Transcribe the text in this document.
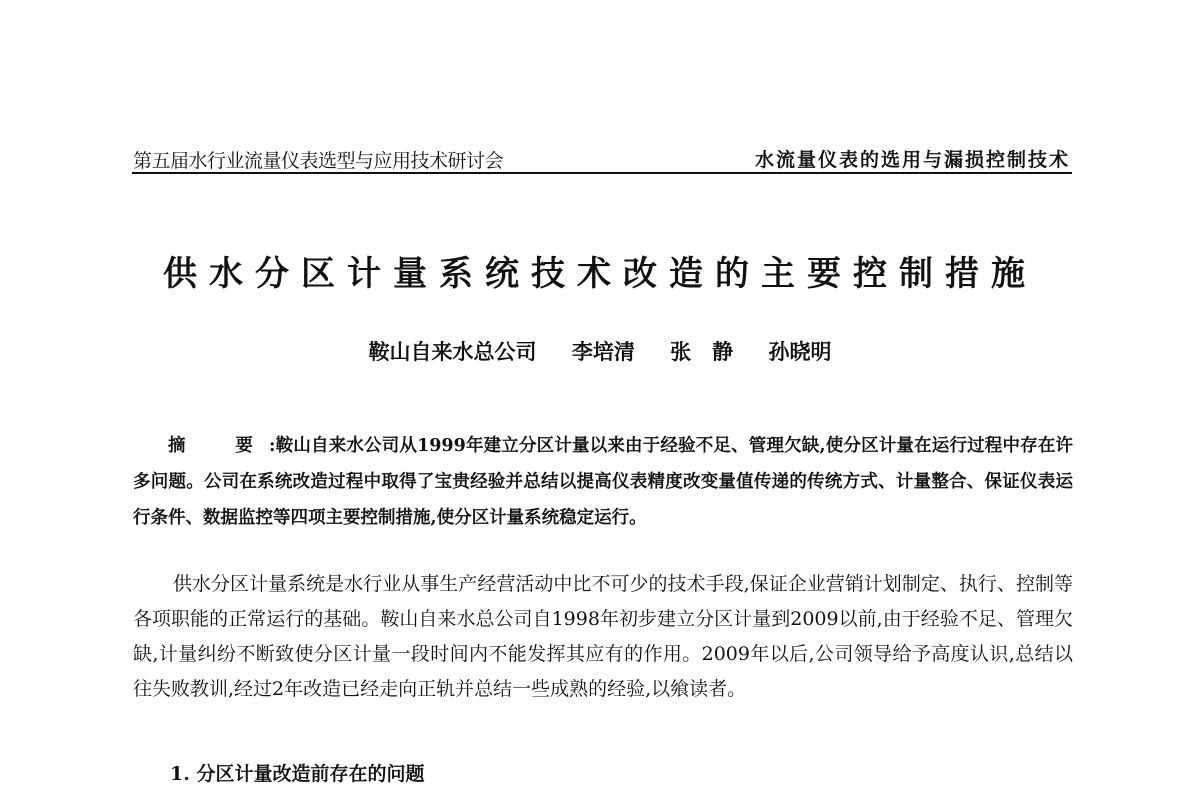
第五届水行业流量仪表选型与应用技术研讨会	水流量仪表的选用与漏损控制技术
供水分区计量系统技术改造的主要控制措施
鞍山自来水总公司 李培清 张　静 孙晓明
摘　要:鞍山自来水公司从1999年建立分区计量以来由于经验不足、管理欠缺,使分区计量在运行过程中存在许多问题。公司在系统改造过程中取得了宝贵经验并总结以提高仪表精度改变量值传递的传统方式、计量整合、保证仪表运行条件、数据监控等四项主要控制措施,使分区计量系统稳定运行。
供水分区计量系统是水行业从事生产经营活动中比不可少的技术手段,保证企业营销计划制定、执行、控制等各项职能的正常运行的基础。鞍山自来水总公司自1998年初步建立分区计量到2009以前,由于经验不足、管理欠缺,计量纠纷不断致使分区计量一段时间内不能发挥其应有的作用。2009年以后,公司领导给予高度认识,总结以往失败教训,经过2年改造已经走向正轨并总结一些成熟的经验,以飨读者。
1. 分区计量改造前存在的问题
